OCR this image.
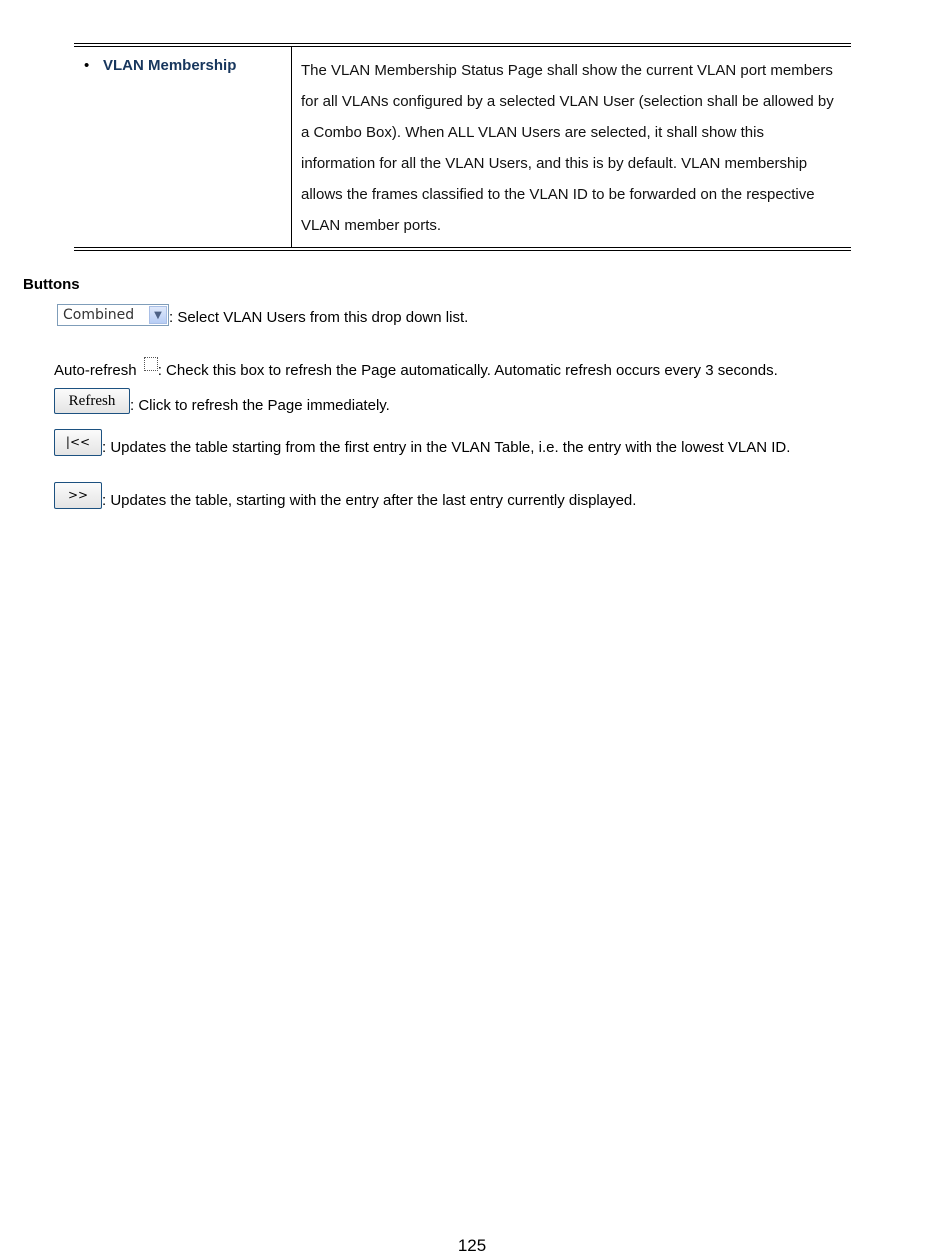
• VLAN Membership	The VLAN Membership Status Page shall show the current VLAN port members for all VLANs configured by a selected VLAN User (selection shall be allowed by a Combo Box). When ALL VLAN Users are selected, it shall show this information for all the VLAN Users, and this is by default. VLAN membership allows the frames classified to the VLAN ID to be forwarded on the respective VLAN member ports.
Buttons
Combined	▼ : Select VLAN Users from this drop down list.
Auto-refresh : Check this box to refresh the Page automatically. Automatic refresh occurs every 3 seconds.
Refresh : Click to refresh the Page immediately.
|<< : Updates the table starting from the first entry in the VLAN Table, i.e. the entry with the lowest VLAN ID.
>> : Updates the table, starting with the entry after the last entry currently displayed.
125
